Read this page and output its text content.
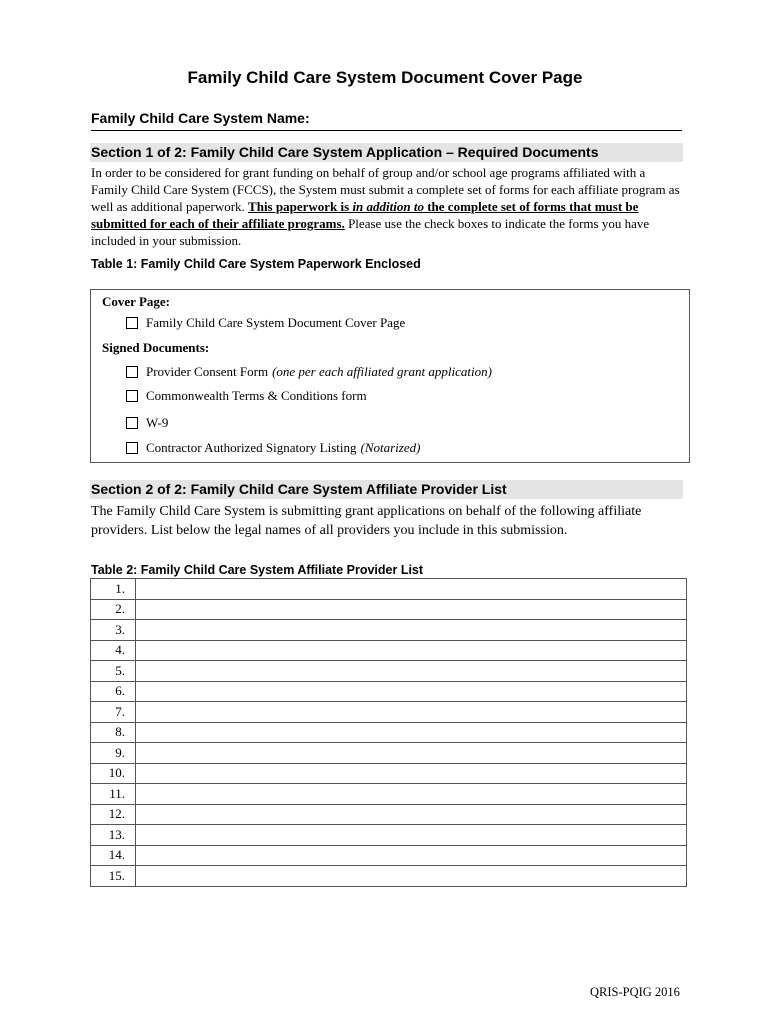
Family Child Care System Document Cover Page
Family Child Care System Name:
Section 1 of 2: Family Child Care System Application – Required Documents
In order to be considered for grant funding on behalf of group and/or school age programs affiliated with a Family Child Care System (FCCS), the System must submit a complete set of forms for each affiliate program as well as additional paperwork. This paperwork is in addition to the complete set of forms that must be submitted for each of their affiliate programs. Please use the check boxes to indicate the forms you have included in your submission.
Table 1: Family Child Care System Paperwork Enclosed
Cover Page:
Family Child Care System Document Cover Page
Signed Documents:
Provider Consent Form (one per each affiliated grant application)
Commonwealth Terms & Conditions form
W-9
Contractor Authorized Signatory Listing (Notarized)
Section 2 of 2: Family Child Care System Affiliate Provider List
The Family Child Care System is submitting grant applications on behalf of the following affiliate providers. List below the legal names of all providers you include in this submission.
Table 2: Family Child Care System Affiliate Provider List
1.	
2.	
3.	
4.	
5.	
6.	
7.	
8.	
9.	
10.	
11.	
12.	
13.	
14.	
15.	
QRIS-PQIG 2016
